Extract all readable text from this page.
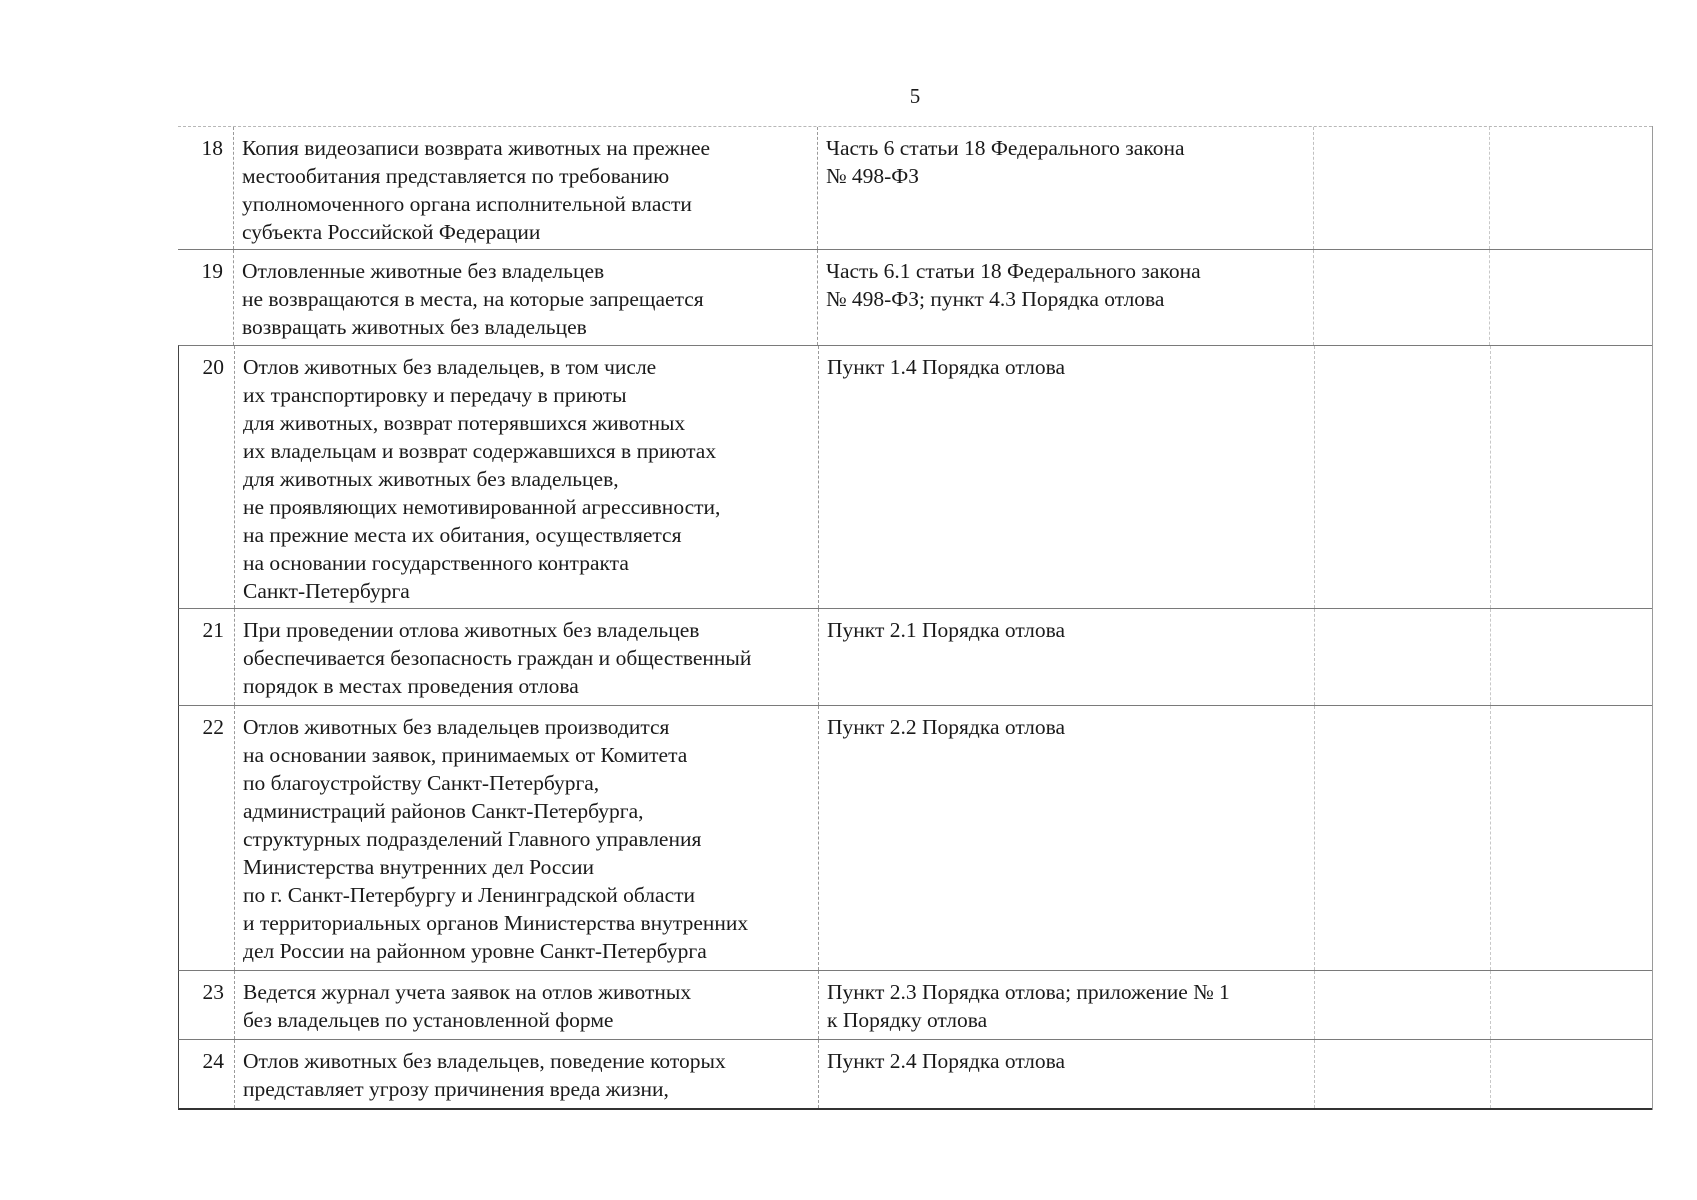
5
18 Копия видеозаписи возврата животных на прежнее
местообитания представляется по требованию
уполномоченного органа исполнительной власти
субъекта Российской Федерации
Часть 6 статьи 18 Федерального закона
№ 498-ФЗ
19 Отловленные животные без владельцев
не возвращаются в места, на которые запрещается
возвращать животных без владельцев
Часть 6.1 статьи 18 Федерального закона
№ 498-ФЗ; пункт 4.3 Порядка отлова
20 Отлов животных без владельцев, в том числе
их транспортировку и передачу в приюты
для животных, возврат потерявшихся животных
их владельцам и возврат содержавшихся в приютах
для животных животных без владельцев,
не проявляющих немотивированной агрессивности,
на прежние места их обитания, осуществляется
на основании государственного контракта
Санкт-Петербурга
Пункт 1.4 Порядка отлова
21 При проведении отлова животных без владельцев
обеспечивается безопасность граждан и общественный
порядок в местах проведения отлова
Пункт 2.1 Порядка отлова
22 Отлов животных без владельцев производится
на основании заявок, принимаемых от Комитета
по благоустройству Санкт-Петербурга,
администраций районов Санкт-Петербурга,
структурных подразделений Главного управления
Министерства внутренних дел России
по г. Санкт-Петербургу и Ленинградской области
и территориальных органов Министерства внутренних
дел России на районном уровне Санкт-Петербурга
Пункт 2.2 Порядка отлова
23 Ведется журнал учета заявок на отлов животных
без владельцев по установленной форме
Пункт 2.3 Порядка отлова; приложение № 1
к Порядку отлова
24 Отлов животных без владельцев, поведение которых
представляет угрозу причинения вреда жизни,
Пункт 2.4 Порядка отлова
